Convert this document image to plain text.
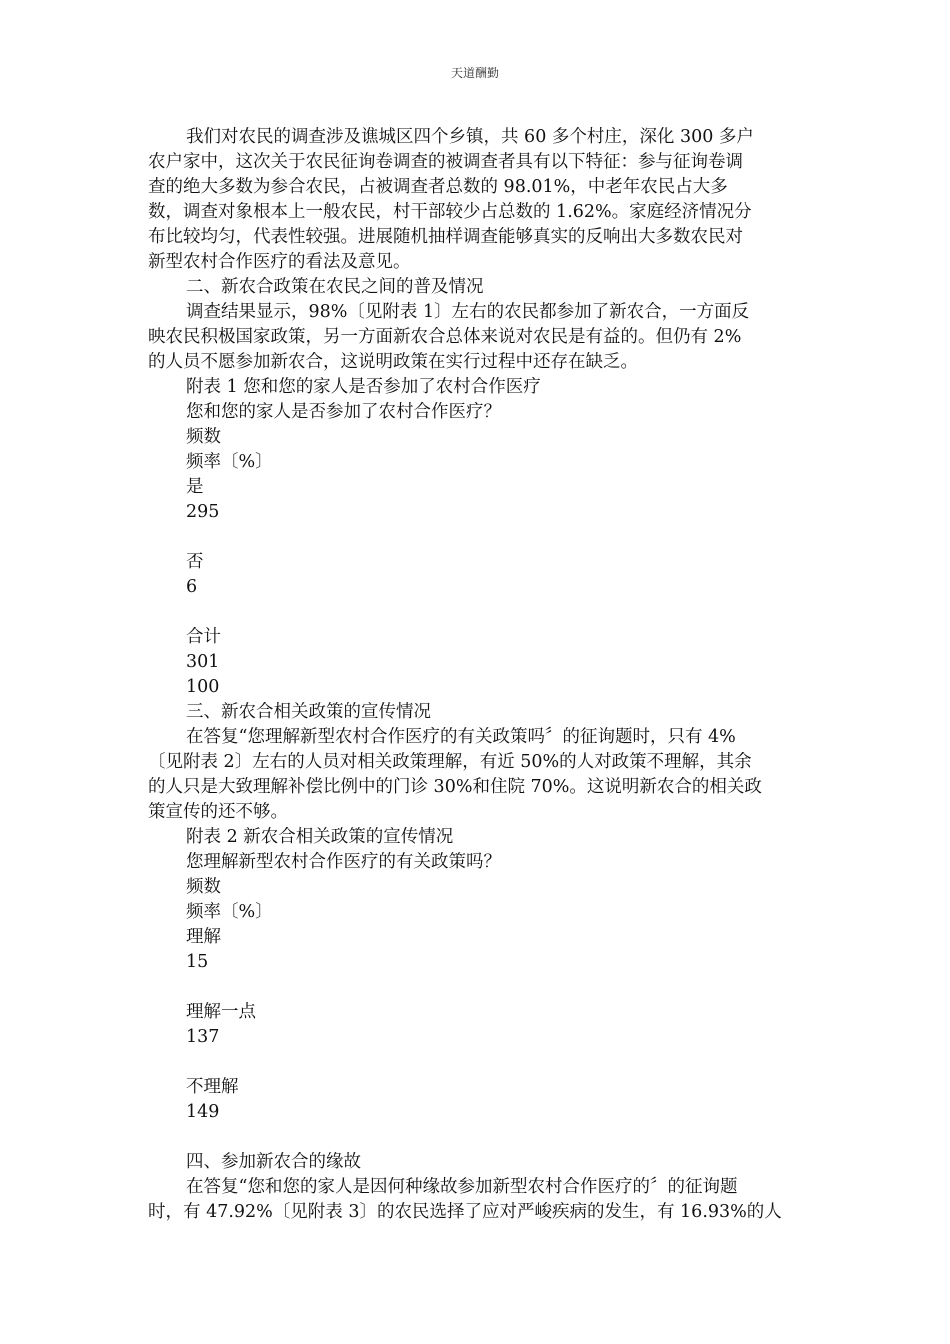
天道酬勤
我们对农民的调查涉及谯城区四个乡镇，共 60 多个村庄，深化 300 多户
农户家中，这次关于农民征询卷调查的被调查者具有以下特征：参与征询卷调
查的绝大多数为参合农民，占被调查者总数的 98.01%，中老年农民占大多
数，调查对象根本上一般农民，村干部较少占总数的 1.62%。家庭经济情况分
布比较均匀，代表性较强。进展随机抽样调查能够真实的反响出大多数农民对
新型农村合作医疗的看法及意见。
二、新农合政策在农民之间的普及情况
调查结果显示，98%〔见附表 1〕左右的农民都参加了新农合，一方面反
映农民积极国家政策，另一方面新农合总体来说对农民是有益的。但仍有 2%
的人员不愿参加新农合，这说明政策在实行过程中还存在缺乏。
附表 1 您和您的家人是否参加了农村合作医疗
您和您的家人是否参加了农村合作医疗？
频数
频率〔%〕
是
295
否
6
合计
301
100
三、新农合相关政策的宣传情况
在答复“您理解新型农村合作医疗的有关政策吗〞的征询题时，只有 4%
〔见附表 2〕左右的人员对相关政策理解，有近 50%的人对政策不理解，其余
的人只是大致理解补偿比例中的门诊 30%和住院 70%。这说明新农合的相关政
策宣传的还不够。
附表 2 新农合相关政策的宣传情况
您理解新型农村合作医疗的有关政策吗？
频数
频率〔%〕
理解
15
理解一点
137
不理解
149
四、参加新农合的缘故
在答复“您和您的家人是因何种缘故参加新型农村合作医疗的〞的征询题
时，有 47.92%〔见附表 3〕的农民选择了应对严峻疾病的发生，有 16.93%的人
